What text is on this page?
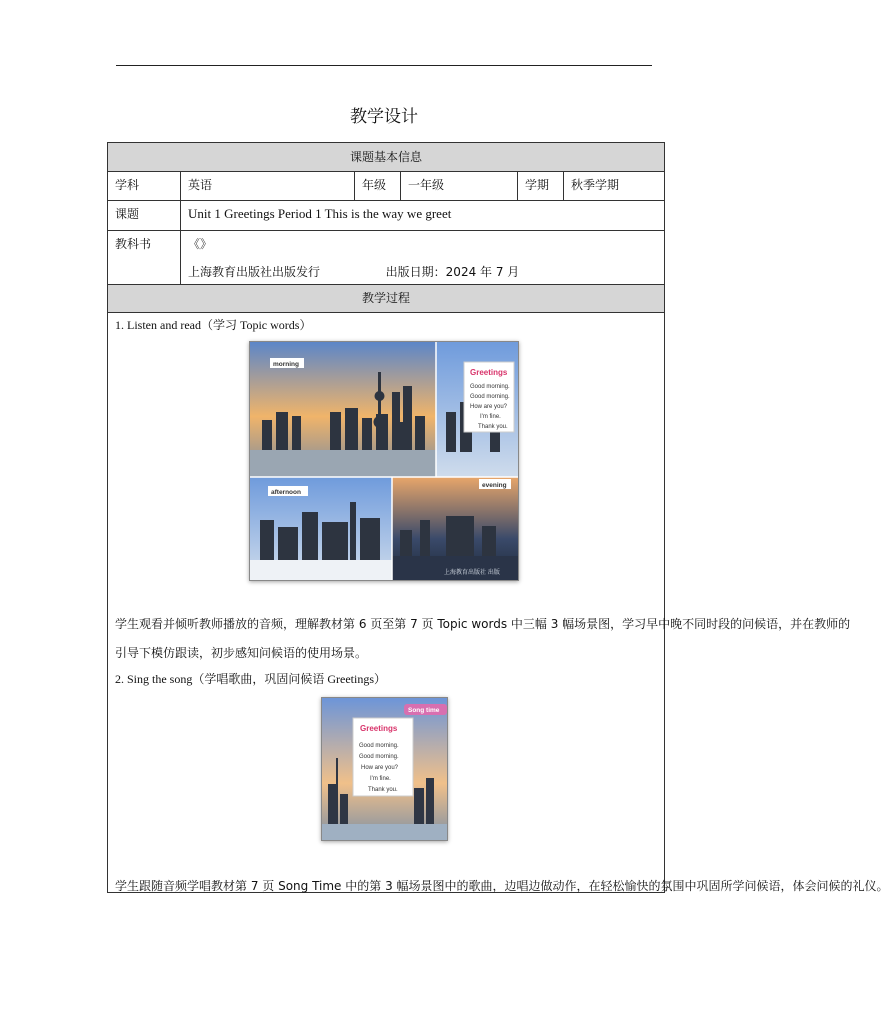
教学设计
课题基本信息
学科	英语	年级	一年级	学期	秋季学期
课题	Unit 1 Greetings Period 1 This is the way we greet
教科书	《》
上海教育出版社出版发行	出版日期：2024 年 7 月
教学过程
1. Listen and read（学习 Topic words）
morning
afternoon
evening
Greetings
Good morning.
Good morning.
How are you?
I'm fine.
Thank you.
上海教育出版社 出版
学生观看并倾听教师播放的音频，理解教材第 6 页至第 7 页 Topic words 中三幅 3 幅场景图，学习早中晚不同时段的问候语，并在教师的
引导下模仿跟读，初步感知问候语的使用场景。
2. Sing the song（学唱歌曲，巩固问候语 Greetings）
Song time
Greetings
Good morning.
Good morning.
How are you?
I'm fine.
Thank you.
学生跟随音频学唱教材第 7 页 Song Time 中的第 3 幅场景图中的歌曲，边唱边做动作，在轻松愉快的氛围中巩固所学问候语，体会问候的礼仪。
